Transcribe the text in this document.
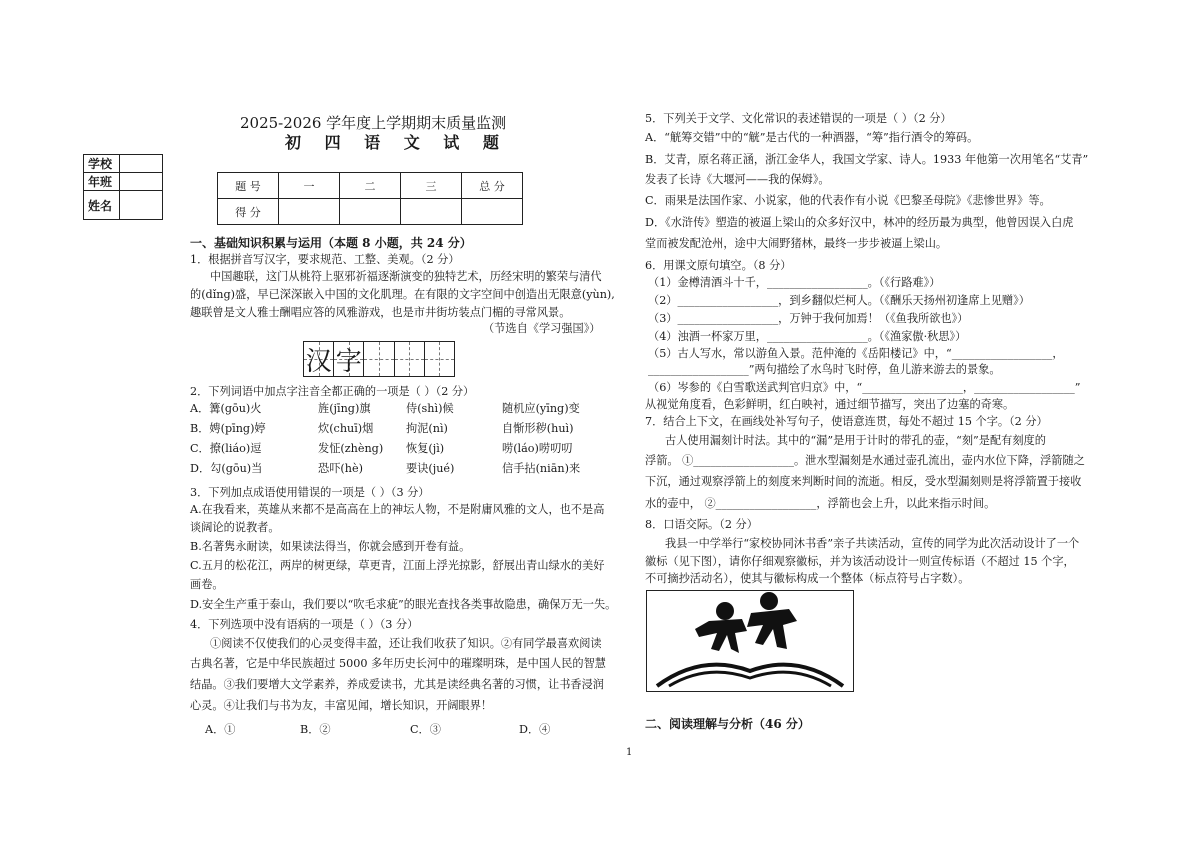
2025-2026 学年度上学期期末质量监测
初 四 语 文 试 题
学校	
年班	
姓名	
题 号	一	二	三	总 分
得 分				
一、基础知识积累与运用（本题 8 小题，共 24 分）
1．根据拼音写汉字，要求规范、工整、美观。（2 分）
中国趣联，这门从桃符上驱邪祈福逐渐演变的独特艺术，历经宋明的繁荣与清代
的(dǐng)盛，早已深深嵌入中国的文化肌理。在有限的文字空间中创造出无限意(yùn),
趣联曾是文人雅士酬唱应答的风雅游戏，也是市井街坊装点门楣的寻常风景。
（节选自《学习强国》）
汉 字
2．下列词语中加点字注音全都正确的一项是（ ）（2 分）
A．篝(gōu)火	旌(jīng)旗	侍(shì)候	随机应(yīng)变
B．娉(pīng)婷	炊(chuī)烟	拘泥(nì)	自惭形秽(huì)
C．撩(liáo)逗	发怔(zhèng)	恢复(jì)	唠(láo)唠叨叨
D．勾(gōu)当	恐吓(hè)	要诀(jué)	信手拈(niān)来
3．下列加点成语使用错误的一项是（ ）（3 分）
A.在我看来，英雄从来都不是高高在上的神坛人物，不是附庸风雅的文人，也不是高
谈阔论的说教者。
B.名著隽永耐读，如果读法得当，你就会感到开卷有益。
C.五月的松花江，两岸的树更绿，草更青，江面上浮光掠影，舒展出青山绿水的美好
画卷。
D.安全生产重于泰山，我们要以“吹毛求疵”的眼光查找各类事故隐患，确保万无一失。
4．下列选项中没有语病的一项是（ ）（3 分）
①阅读不仅使我们的心灵变得丰盈，还让我们收获了知识。②有同学最喜欢阅读
古典名著，它是中华民族超过 5000 多年历史长河中的璀璨明珠，是中国人民的智慧
结晶。③我们要增大文学素养，养成爱读书，尤其是读经典名著的习惯，让书香浸润
心灵。④让我们与书为友，丰富见闻，增长知识，开阔眼界！
A．①	B．②	C．③	D．④
5．下列关于文学、文化常识的表述错误的一项是（ ）（2 分）
A．“觥筹交错”中的“觥”是古代的一种酒器，“筹”指行酒令的筹码。
B．艾青，原名蒋正涵，浙江金华人，我国文学家、诗人。1933 年他第一次用笔名“艾青”
发表了长诗《大堰河——我的保姆》。
C．雨果是法国作家、小说家，他的代表作有小说《巴黎圣母院》《悲惨世界》等。
D．《水浒传》塑造的被逼上梁山的众多好汉中，林冲的经历最为典型，他曾因误入白虎
堂而被发配沧州，途中大闹野猪林，最终一步步被逼上梁山。
6．用课文原句填空。（8 分）
（1）金樽清酒斗十千，__________________。（《行路难》）
（2）__________________，到乡翻似烂柯人。（《酬乐天扬州初逢席上见赠》）
（3）__________________，万钟于我何加焉！（《鱼我所欲也》）
（4）浊酒一杯家万里，__________________。（《渔家傲·秋思》）
（5）古人写水，常以游鱼入景。范仲淹的《岳阳楼记》中，“__________________，
__________________”两句描绘了水鸟时飞时停，鱼儿游来游去的景象。
（6）岑参的《白雪歌送武判官归京》中，“__________________，__________________”
从视觉角度看，色彩鲜明，红白映衬，通过细节描写，突出了边塞的奇寒。
7．结合上下文，在画线处补写句子，使语意连贯，每处不超过 15 个字。（2 分）
古人使用漏刻计时法。其中的“漏”是用于计时的带孔的壶，“刻”是配有刻度的
浮箭。 ①__________________。泄水型漏刻是水通过壶孔流出，壶内水位下降，浮箭随之
下沉，通过观察浮箭上的刻度来判断时间的流逝。相反，受水型漏刻则是将浮箭置于接收
水的壶中， ②__________________，浮箭也会上升，以此来指示时间。
8．口语交际。（2 分）
我县一中学举行“家校协同沐书香”亲子共读活动，宣传的同学为此次活动设计了一个
徽标（见下图），请你仔细观察徽标，并为该活动设计一则宣传标语（不超过 15 个字，
不可摘抄活动名），使其与徽标构成一个整体（标点符号占字数）。
二、阅读理解与分析（46 分）
1
